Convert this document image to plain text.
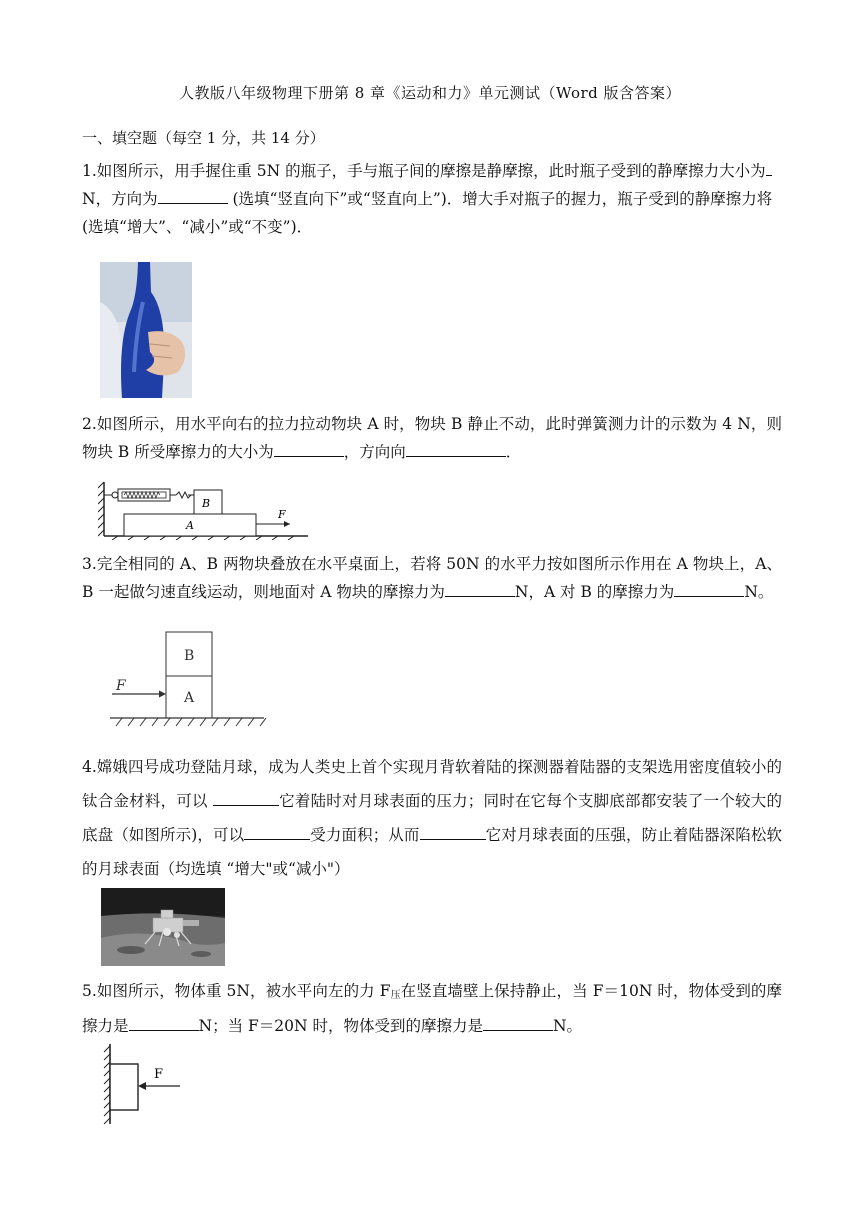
人教版八年级物理下册第 8 章《运动和力》单元测试（Word 版含答案）
一、填空题（每空 1 分，共 14 分）
1.如图所示，用手握住重 5N 的瓶子，手与瓶子间的摩擦是静摩擦，此时瓶子受到的静摩擦力大小为
N，方向为	(选填“竖直向下”或“竖直向上”)．增大手对瓶子的握力，瓶子受到的静摩擦力将
(选填“增大”、“减小”或“不变”)．
2.如图所示，用水平向右的拉力拉动物块 A 时，物块 B 静止不动，此时弹簧测力计的示数为 4 N，则物块 B 所受摩擦力的大小为	，方向向	．
A
B
F
3.完全相同的 A、B 两物块叠放在水平桌面上，若将 50N 的水平力按如图所示作用在 A 物块上，A、B 一起做匀速直线运动，则地面对 A 物块的摩擦力为	N，A 对 B 的摩擦力为	N。
B
A
F
4.嫦娥四号成功登陆月球，成为人类史上首个实现月背软着陆的探测器着陆器的支架选用密度值较小的钛合金材料，可以	它着陆时对月球表面的压力；同时在它每个支脚底部都安装了一个较大的底盘（如图所示)，可以	受力面积；从而	它对月球表面的压强，防止着陆器深陷松软的月球表面（均选填 “增大"或“减小"）
5.如图所示，物体重 5N，被水平向左的力 $F_压$在竖直墙壁上保持静止，当 F＝10N 时，物体受到的摩擦力是	N；当 F＝20N 时，物体受到的摩擦力是	N。
F
